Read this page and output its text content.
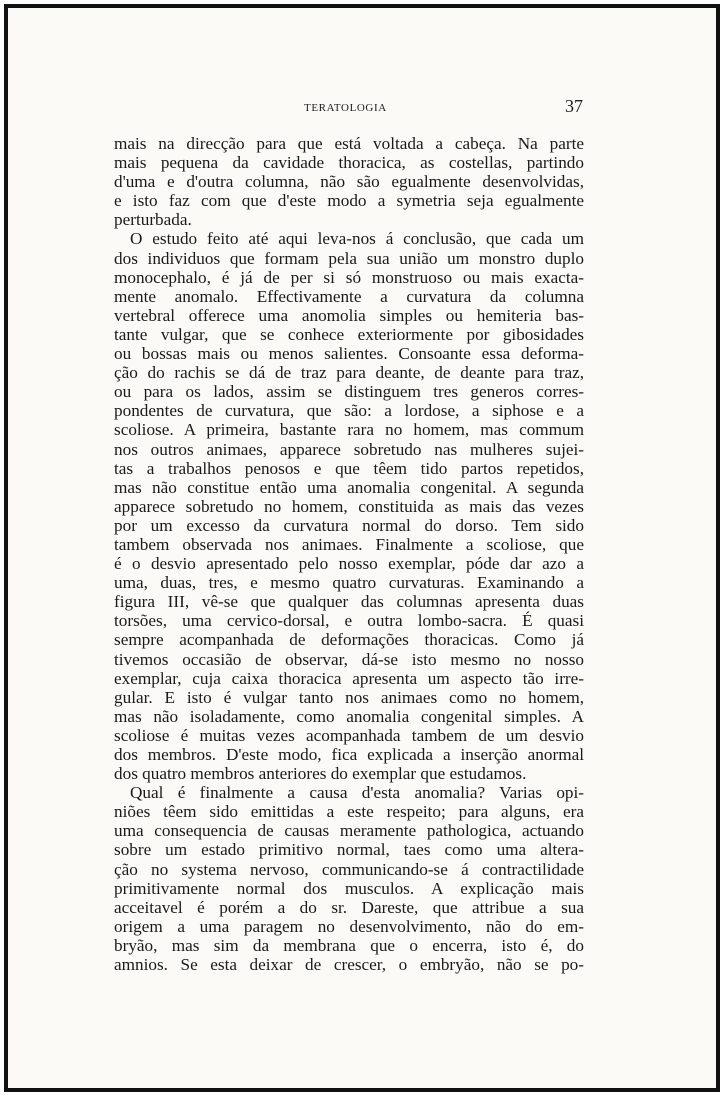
TERATOLOGIA	37
mais na direcção para que está voltada a cabeça. Na parte
mais pequena da cavidade thoracica, as costellas, partindo
d'uma e d'outra columna, não são egualmente desenvolvidas,
e isto faz com que d'este modo a symetria seja egualmente
perturbada.
O estudo feito até aqui leva-nos á conclusão, que cada um
dos individuos que formam pela sua união um monstro duplo
monocephalo, é já de per si só monstruoso ou mais exacta-
mente anomalo. Effectivamente a curvatura da columna
vertebral offerece uma anomolia simples ou hemiteria bas-
tante vulgar, que se conhece exteriormente por gibosidades
ou bossas mais ou menos salientes. Consoante essa deforma-
ção do rachis se dá de traz para deante, de deante para traz,
ou para os lados, assim se distinguem tres generos corres-
pondentes de curvatura, que são: a lordose, a siphose e a
scoliose. A primeira, bastante rara no homem, mas commum
nos outros animaes, apparece sobretudo nas mulheres sujei-
tas a trabalhos penosos e que têem tido partos repetidos,
mas não constitue então uma anomalia congenital. A segunda
apparece sobretudo no homem, constituida as mais das vezes
por um excesso da curvatura normal do dorso. Tem sido
tambem observada nos animaes. Finalmente a scoliose, que
é o desvio apresentado pelo nosso exemplar, póde dar azo a
uma, duas, tres, e mesmo quatro curvaturas. Examinando a
figura III, vê-se que qualquer das columnas apresenta duas
torsões, uma cervico-dorsal, e outra lombo-sacra. É quasi
sempre acompanhada de deformações thoracicas. Como já
tivemos occasião de observar, dá-se isto mesmo no nosso
exemplar, cuja caixa thoracica apresenta um aspecto tão irre-
gular. E isto é vulgar tanto nos animaes como no homem,
mas não isoladamente, como anomalia congenital simples. A
scoliose é muitas vezes acompanhada tambem de um desvio
dos membros. D'este modo, fica explicada a inserção anormal
dos quatro membros anteriores do exemplar que estudamos.
Qual é finalmente a causa d'esta anomalia? Varias opi-
niões têem sido emittidas a este respeito; para alguns, era
uma consequencia de causas meramente pathologica, actuando
sobre um estado primitivo normal, taes como uma altera-
ção no systema nervoso, communicando-se á contractilidade
primitivamente normal dos musculos. A explicação mais
acceitavel é porém a do sr. Dareste, que attribue a sua
origem a uma paragem no desenvolvimento, não do em-
bryão, mas sim da membrana que o encerra, isto é, do
amnios. Se esta deixar de crescer, o embryão, não se po-
